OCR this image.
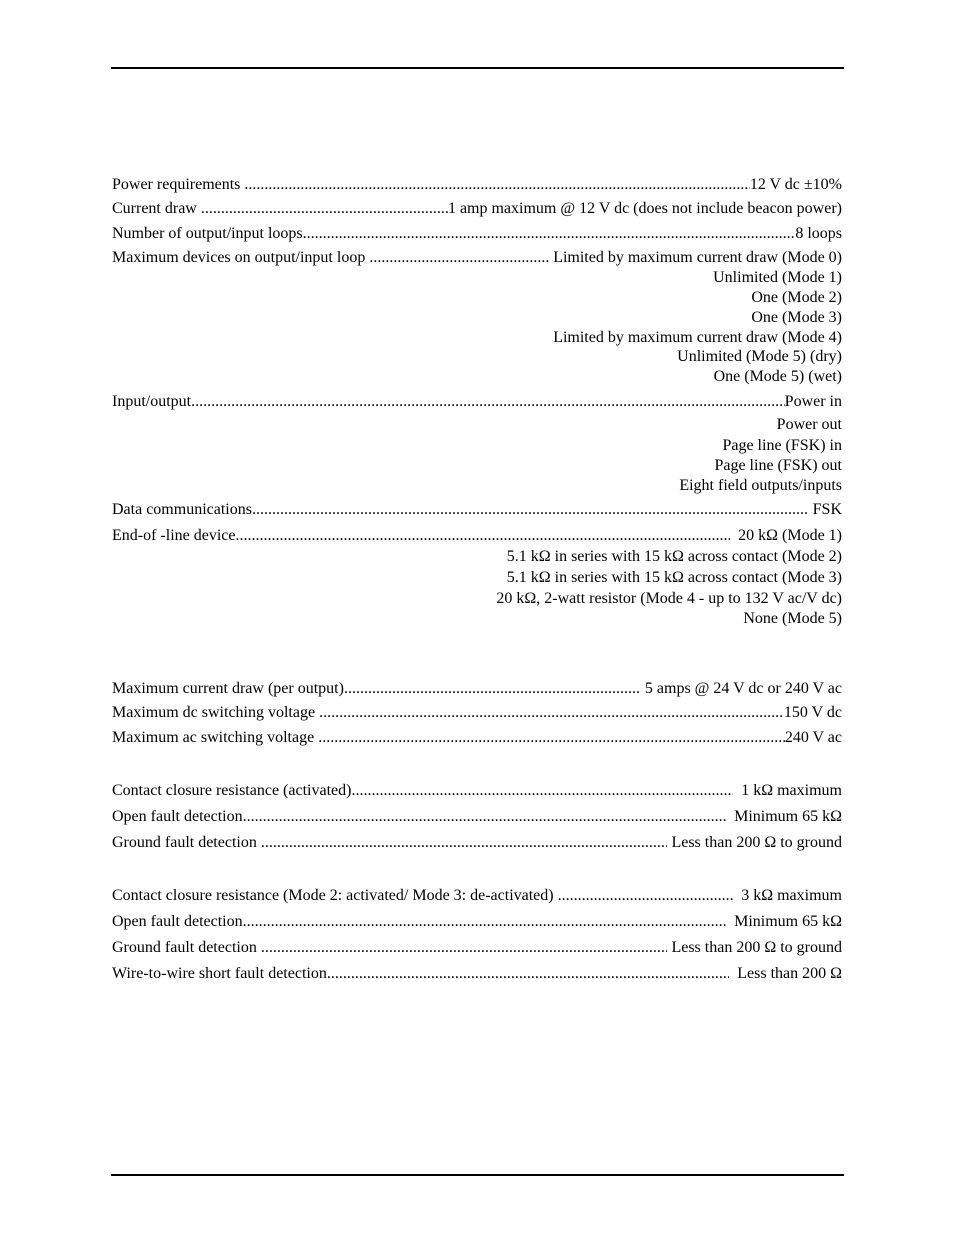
Power requirements .....	12 V dc ±10%
Current draw .....	1 amp maximum @ 12 V dc (does not include beacon power)
Number of output/input loops .....	8 loops
Maximum devices on output/input loop .....	Limited by maximum current draw (Mode 0)
Unlimited (Mode 1)
One (Mode 2)
One (Mode 3)
Limited by maximum current draw (Mode 4)
Unlimited (Mode 5) (dry)
One (Mode 5) (wet)
Input/output .....	Power in
Power out
Page line (FSK) in
Page line (FSK) out
Eight field outputs/inputs
Data communications .....	FSK
End-of -line device .....	20 kΩ (Mode 1)
5.1 kΩ in series with 15 kΩ across contact (Mode 2)
5.1 kΩ in series with 15 kΩ across contact (Mode 3)
20 kΩ, 2-watt resistor (Mode 4 - up to 132 V ac/V dc)
None (Mode 5)
Maximum current draw (per output) .....	5 amps @ 24 V dc or 240 V ac
Maximum dc switching voltage .....	150 V dc
Maximum ac switching voltage .....	240 V ac
Contact closure resistance (activated) .....	1 kΩ maximum
Open fault detection .....	Minimum 65 kΩ
Ground fault detection .....	Less than 200 Ω to ground
Contact closure resistance (Mode 2: activated/ Mode 3: de-activated) .....	3 kΩ maximum
Open fault detection .....	Minimum 65 kΩ
Ground fault detection .....	Less than 200 Ω to ground
Wire-to-wire short fault detection .....	Less than 200 Ω
